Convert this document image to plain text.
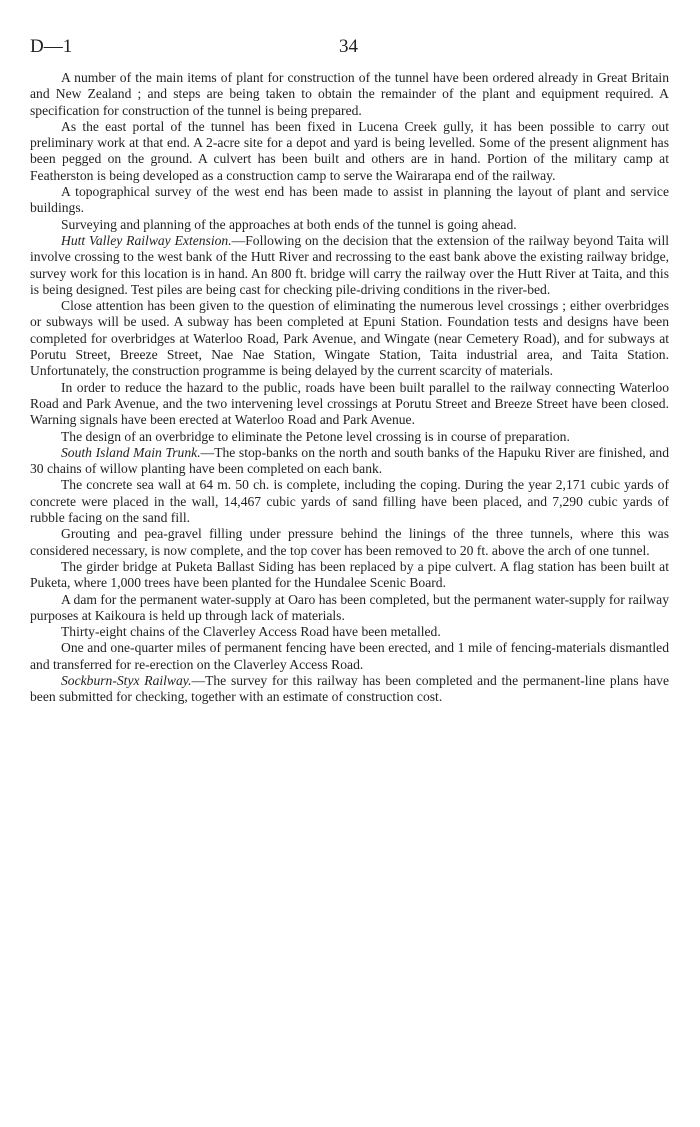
D—1	34

A number of the main items of plant for construction of the tunnel have been ordered already in Great Britain and New Zealand ; and steps are being taken to obtain the remainder of the plant and equipment required. A specification for construction of the tunnel is being prepared.

As the east portal of the tunnel has been fixed in Lucena Creek gully, it has been possible to carry out preliminary work at that end. A 2-acre site for a depot and yard is being levelled. Some of the present alignment has been pegged on the ground. A culvert has been built and others are in hand. Portion of the military camp at Featherston is being developed as a construction camp to serve the Wairarapa end of the railway.

A topographical survey of the west end has been made to assist in planning the layout of plant and service buildings.

Surveying and planning of the approaches at both ends of the tunnel is going ahead.

Hutt Valley Railway Extension.—Following on the decision that the extension of the railway beyond Taita will involve crossing to the west bank of the Hutt River and recrossing to the east bank above the existing railway bridge, survey work for this location is in hand. An 800 ft. bridge will carry the railway over the Hutt River at Taita, and this is being designed. Test piles are being cast for checking pile-driving conditions in the river-bed.

Close attention has been given to the question of eliminating the numerous level crossings ; either overbridges or subways will be used. A subway has been completed at Epuni Station. Foundation tests and designs have been completed for overbridges at Waterloo Road, Park Avenue, and Wingate (near Cemetery Road), and for subways at Porutu Street, Breeze Street, Nae Nae Station, Wingate Station, Taita industrial area, and Taita Station. Unfortunately, the construction programme is being delayed by the current scarcity of materials.

In order to reduce the hazard to the public, roads have been built parallel to the railway connecting Waterloo Road and Park Avenue, and the two intervening level crossings at Porutu Street and Breeze Street have been closed. Warning signals have been erected at Waterloo Road and Park Avenue.

The design of an overbridge to eliminate the Petone level crossing is in course of preparation.

South Island Main Trunk.—The stop-banks on the north and south banks of the Hapuku River are finished, and 30 chains of willow planting have been completed on each bank.

The concrete sea wall at 64 m. 50 ch. is complete, including the coping. During the year 2,171 cubic yards of concrete were placed in the wall, 14,467 cubic yards of sand filling have been placed, and 7,290 cubic yards of rubble facing on the sand fill.

Grouting and pea-gravel filling under pressure behind the linings of the three tunnels, where this was considered necessary, is now complete, and the top cover has been removed to 20 ft. above the arch of one tunnel.

The girder bridge at Puketa Ballast Siding has been replaced by a pipe culvert. A flag station has been built at Puketa, where 1,000 trees have been planted for the Hundalee Scenic Board.

A dam for the permanent water-supply at Oaro has been completed, but the permanent water-supply for railway purposes at Kaikoura is held up through lack of materials.

Thirty-eight chains of the Claverley Access Road have been metalled.

One and one-quarter miles of permanent fencing have been erected, and 1 mile of fencing-materials dismantled and transferred for re-erection on the Claverley Access Road.

Sockburn-Styx Railway.—The survey for this railway has been completed and the permanent-line plans have been submitted for checking, together with an estimate of construction cost.
